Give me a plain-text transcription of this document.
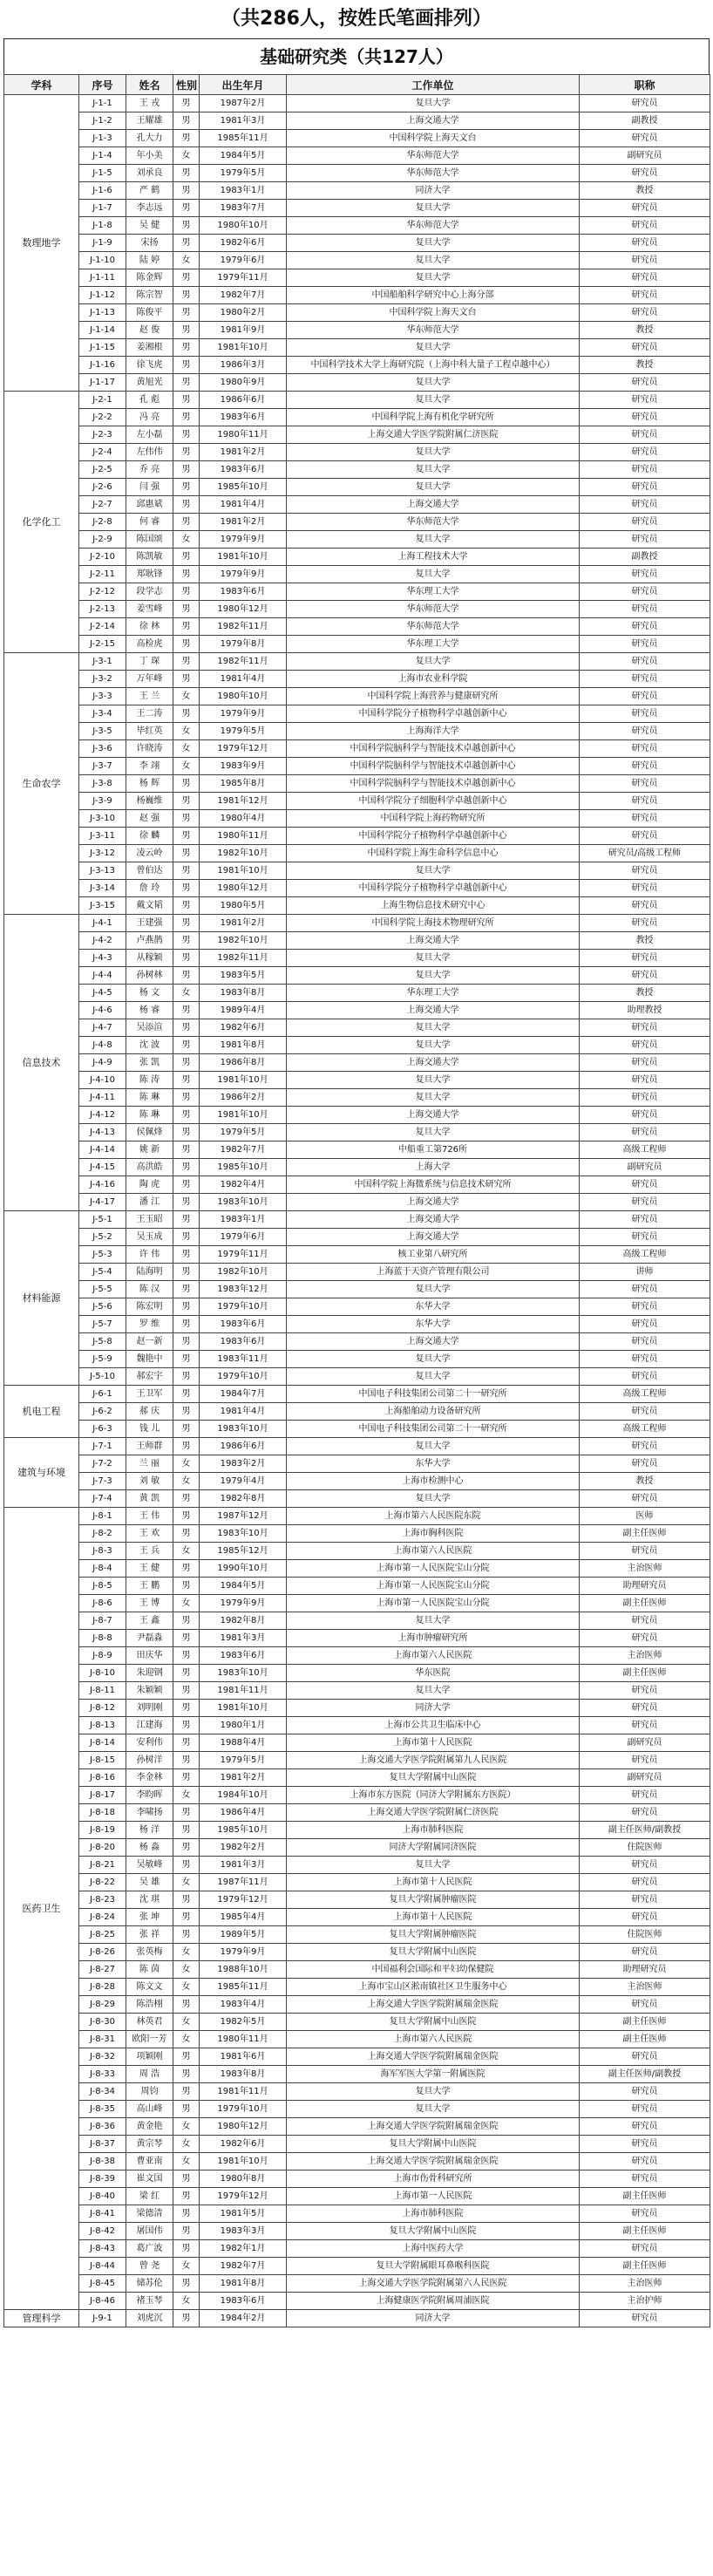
（共286人，按姓氏笔画排列）
基础研究类（共127人）
学科	序号	姓名	性别	出生年月	工作单位	职称
数理地学	J-1-1	王 戎	男	1987年2月	复旦大学	研究员
	J-1-2	王耀雄	男	1981年3月	上海交通大学	副教授
	J-1-3	孔大力	男	1985年11月	中国科学院上海天文台	研究员
	J-1-4	年小美	女	1984年5月	华东师范大学	副研究员
	J-1-5	刘承良	男	1979年5月	华东师范大学	研究员
	J-1-6	严 鹤	男	1983年1月	同济大学	教授
	J-1-7	李志远	男	1983年7月	复旦大学	研究员
	J-1-8	吴 健	男	1980年10月	华东师范大学	研究员
	J-1-9	宋扬	男	1982年6月	复旦大学	研究员
	J-1-10	陆 婷	女	1979年6月	复旦大学	研究员
	J-1-11	陈金辉	男	1979年11月	复旦大学	研究员
	J-1-12	陈宗智	男	1982年7月	中国船舶科学研究中心上海分部	研究员
	J-1-13	陈俊平	男	1980年2月	中国科学院上海天文台	研究员
	J-1-14	赵 俊	男	1981年9月	华东师范大学	教授
	J-1-15	姜湘根	男	1981年10月	复旦大学	研究员
	J-1-16	徐飞虎	男	1986年3月	中国科学技术大学上海研究院（上海中科大量子工程卓越中心）	教授
	J-1-17	黄旭光	男	1980年9月	复旦大学	研究员
化学化工	J-2-1	孔 彪	男	1986年6月	复旦大学	研究员
	J-2-2	冯 亮	男	1983年6月	中国科学院上海有机化学研究所	研究员
	J-2-3	左小磊	男	1980年11月	上海交通大学医学院附属仁济医院	研究员
	J-2-4	左伟伟	男	1981年2月	复旦大学	研究员
	J-2-5	乔 亮	男	1983年6月	复旦大学	研究员
	J-2-6	闫 强	男	1985年10月	复旦大学	研究员
	J-2-7	邱惠斌	男	1981年4月	上海交通大学	研究员
	J-2-8	何 睿	男	1981年2月	华东师范大学	研究员
	J-2-9	陈国颂	女	1979年9月	复旦大学	研究员
	J-2-10	陈凯敏	男	1981年10月	上海工程技术大学	副教授
	J-2-11	郑耿锋	男	1979年9月	复旦大学	研究员
	J-2-12	段学志	男	1983年6月	华东理工大学	研究员
	J-2-13	姜雪峰	男	1980年12月	华东师范大学	研究员
	J-2-14	徐 林	男	1982年11月	华东师范大学	研究员
	J-2-15	高检虎	男	1979年8月	华东理工大学	研究员
生命农学	J-3-1	丁 琛	男	1982年11月	复旦大学	研究员
	J-3-2	万年峰	男	1981年4月	上海市农业科学院	研究员
	J-3-3	王 兰	女	1980年10月	中国科学院上海营养与健康研究所	研究员
	J-3-4	王二涛	男	1979年9月	中国科学院分子植物科学卓越创新中心	研究员
	J-3-5	毕红英	女	1979年5月	上海海洋大学	研究员
	J-3-6	许晓涛	女	1979年12月	中国科学院脑科学与智能技术卓越创新中心	研究员
	J-3-7	李 翊	女	1983年9月	中国科学院脑科学与智能技术卓越创新中心	研究员
	J-3-8	杨 辉	男	1985年8月	中国科学院脑科学与智能技术卓越创新中心	研究员
	J-3-9	杨巍维	男	1981年12月	中国科学院分子细胞科学卓越创新中心	研究员
	J-3-10	赵 强	男	1980年4月	中国科学院上海药物研究所	研究员
	J-3-11	徐 麟	男	1980年11月	中国科学院分子植物科学卓越创新中心	研究员
	J-3-12	凌云岭	男	1982年10月	中国科学院上海生命科学信息中心	研究员/高级工程师
	J-3-13	曾伯达	男	1981年10月	复旦大学	研究员
	J-3-14	詹 玲	男	1980年12月	中国科学院分子植物科学卓越创新中心	研究员
	J-3-15	戴文韬	男	1980年5月	上海生物信息技术研究中心	研究员
信息技术	J-4-1	王建强	男	1981年2月	中国科学院上海技术物理研究所	研究员
	J-4-2	卢燕鹊	男	1982年10月	上海交通大学	教授
	J-4-3	从稼颖	男	1982年11月	复旦大学	研究员
	J-4-4	孙树林	男	1983年5月	复旦大学	研究员
	J-4-5	杨 文	女	1983年8月	华东理工大学	教授
	J-4-6	杨 睿	男	1989年4月	上海交通大学	助理教授
	J-4-7	吴添渲	男	1982年6月	复旦大学	研究员
	J-4-8	沈 波	男	1981年8月	复旦大学	研究员
	J-4-9	张 凯	男	1986年8月	上海交通大学	研究员
	J-4-10	陈 涛	男	1981年10月	复旦大学	研究员
	J-4-11	陈 琳	男	1986年2月	复旦大学	研究员
	J-4-12	陈 琳	男	1981年10月	上海交通大学	研究员
	J-4-13	侯佩烽	男	1979年5月	复旦大学	研究员
	J-4-14	姚 新	男	1982年7月	中船重工第726所	高级工程师
	J-4-15	高洪皓	男	1985年10月	上海大学	副研究员
	J-4-16	陶 虎	男	1982年4月	中国科学院上海微系统与信息技术研究所	研究员
	J-4-17	潘 江	男	1983年10月	上海交通大学	研究员
材料能源	J-5-1	王玉昭	男	1983年1月	上海交通大学	研究员
	J-5-2	吴玉成	男	1979年6月	上海交通大学	研究员
	J-5-3	许 伟	男	1979年11月	核工业第八研究所	高级工程师
	J-5-4	陆海明	男	1982年10月	上海蓝于天资产管理有限公司	讲师
	J-5-5	陈 汉	男	1983年12月	复旦大学	研究员
	J-5-6	陈宏明	男	1979年10月	东华大学	研究员
	J-5-7	罗 维	男	1983年6月	东华大学	研究员
	J-5-8	赵一新	男	1983年6月	上海交通大学	研究员
	J-5-9	魏艳中	男	1983年11月	复旦大学	研究员
	J-5-10	郝宏宇	男	1979年10月	复旦大学	研究员
机电工程	J-6-1	王卫军	男	1984年7月	中国电子科技集团公司第二十一研究所	高级工程师
	J-6-2	郝 庆	男	1981年4月	上海船舶动力设备研究所	研究员
	J-6-3	钱 儿	男	1983年10月	中国电子科技集团公司第二十一研究所	高级工程师
建筑与环境	J-7-1	王师群	男	1986年6月	复旦大学	研究员
	J-7-2	兰 丽	女	1983年2月	东华大学	研究员
	J-7-3	刘 敏	女	1979年4月	上海市检测中心	教授
	J-7-4	黄 凯	男	1982年8月	复旦大学	研究员
医药卫生	J-8-1	王 伟	男	1987年12月	上海市第六人民医院东院	医师
	J-8-2	王 欢	男	1983年10月	上海市胸科医院	副主任医师
	J-8-3	王 兵	女	1985年12月	上海市第六人民医院	研究员
	J-8-4	王 健	男	1990年10月	上海市第一人民医院宝山分院	主治医师
	J-8-5	王 鹏	男	1984年5月	上海市第一人民医院宝山分院	助理研究员
	J-8-6	王 博	女	1979年9月	上海市第一人民医院宝山分院	副主任医师
	J-8-7	王 鑫	男	1982年8月	复旦大学	研究员
	J-8-8	尹磊淼	男	1981年3月	上海市肿瘤研究所	研究员
	J-8-9	田庆华	男	1983年6月	上海市第六人民医院	主治医师
	J-8-10	朱迎钢	男	1983年10月	华东医院	副主任医师
	J-8-11	朱颖颖	男	1981年11月	复旦大学	研究员
	J-8-12	刘明刚	男	1981年10月	同济大学	研究员
	J-8-13	江建海	男	1980年1月	上海市公共卫生临床中心	研究员
	J-8-14	安利伟	男	1988年4月	上海市第十人民医院	副研究员
	J-8-15	孙树洋	男	1979年5月	上海交通大学医学院附属第九人民医院	研究员
	J-8-16	李金林	男	1981年2月	复旦大学附属中山医院	副研究员
	J-8-17	李昀晖	女	1984年10月	上海市东方医院（同济大学附属东方医院）	研究员
	J-8-18	李啸扬	男	1986年4月	上海交通大学医学院附属仁济医院	研究员
	J-8-19	杨 洋	男	1985年10月	上海市肺科医院	副主任医师/副教授
	J-8-20	杨 淼	男	1982年2月	同济大学附属同济医院	住院医师
	J-8-21	吴敏峰	男	1981年3月	复旦大学	研究员
	J-8-22	吴 雄	女	1987年11月	上海市第十人民医院	研究员
	J-8-23	沈 琪	男	1979年12月	复旦大学附属肿瘤医院	研究员
	J-8-24	张 坤	男	1985年4月	上海市第十人民医院	研究员
	J-8-25	张 祥	男	1989年5月	复旦大学附属肿瘤医院	住院医师
	J-8-26	张英梅	女	1979年9月	复旦大学附属中山医院	研究员
	J-8-27	陈 茵	女	1988年10月	中国福利会国际和平妇幼保健院	助理研究员
	J-8-28	陈文文	女	1985年11月	上海市宝山区淞南镇社区卫生服务中心	主治医师
	J-8-29	陈浩栩	男	1983年4月	上海交通大学医学院附属瑞金医院	研究员
	J-8-30	林英君	女	1982年5月	复旦大学附属中山医院	副主任医师
	J-8-31	欧阳一芳	女	1980年11月	上海市第六人民医院	副主任医师
	J-8-32	项颖刚	男	1981年6月	上海交通大学医学院附属瑞金医院	研究员
	J-8-33	周 浩	男	1983年8月	海军军医大学第一附属医院	副主任医师/副教授
	J-8-34	周钧	男	1981年11月	复旦大学	研究员
	J-8-35	高山峰	男	1979年10月	复旦大学	研究员
	J-8-36	黄金艳	女	1980年12月	上海交通大学医学院附属瑞金医院	研究员
	J-8-37	黄宗琴	女	1982年6月	复旦大学附属中山医院	研究员
	J-8-38	曹亚南	女	1981年10月	上海交通大学医学院附属瑞金医院	研究员
	J-8-39	崔文国	男	1980年8月	上海市伤骨科研究所	研究员
	J-8-40	梁 红	男	1979年12月	上海市第一人民医院	副主任医师
	J-8-41	梁德清	男	1981年5月	上海市肺科医院	研究员
	J-8-42	屠国伟	男	1983年3月	复旦大学附属中山医院	副主任医师
	J-8-43	葛广波	男	1982年1月	上海中医药大学	研究员
	J-8-44	曾 尧	女	1982年7月	复旦大学附属眼耳鼻喉科医院	副主任医师
	J-8-45	储苏伦	男	1981年8月	上海交通大学医学院附属第六人民医院	主治医师
	J-8-46	褚玉琴	女	1983年6月	上海健康医学院附属周浦医院	主治护师
管理科学	J-9-1	刘虎沉	男	1984年2月	同济大学	研究员
